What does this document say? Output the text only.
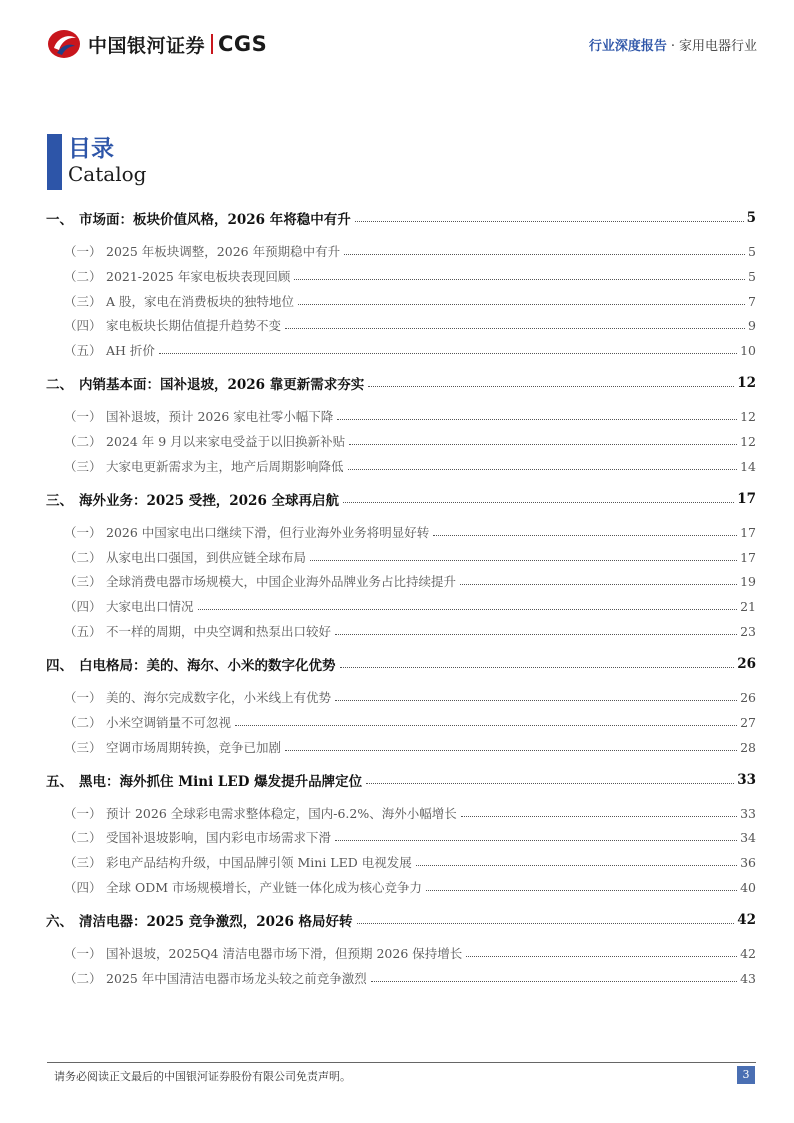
中国银河证券 CGS	行业深度报告 · 家用电器行业
目录
Catalog
一、 市场面：板块价值风格，2026 年将稳中有升	5
（一） 2025 年板块调整，2026 年预期稳中有升	5
（二） 2021-2025 年家电板块表现回顾	5
（三） A 股，家电在消费板块的独特地位	7
（四） 家电板块长期估值提升趋势不变	9
（五） AH 折价	10
二、 内销基本面：国补退坡，2026 靠更新需求夯实	12
（一） 国补退坡，预计 2026 家电社零小幅下降	12
（二） 2024 年 9 月以来家电受益于以旧换新补贴	12
（三） 大家电更新需求为主，地产后周期影响降低	14
三、 海外业务：2025 受挫，2026 全球再启航	17
（一） 2026 中国家电出口继续下滑，但行业海外业务将明显好转	17
（二） 从家电出口强国，到供应链全球布局	17
（三） 全球消费电器市场规模大，中国企业海外品牌业务占比持续提升	19
（四） 大家电出口情况	21
（五） 不一样的周期，中央空调和热泵出口较好	23
四、 白电格局：美的、海尔、小米的数字化优势	26
（一） 美的、海尔完成数字化，小米线上有优势	26
（二） 小米空调销量不可忽视	27
（三） 空调市场周期转换，竞争已加剧	28
五、 黑电：海外抓住 Mini LED 爆发提升品牌定位	33
（一） 预计 2026 全球彩电需求整体稳定，国内-6.2%、海外小幅增长	33
（二） 受国补退坡影响，国内彩电市场需求下滑	34
（三） 彩电产品结构升级，中国品牌引领 Mini LED 电视发展	36
（四） 全球 ODM 市场规模增长，产业链一体化成为核心竞争力	40
六、 清洁电器：2025 竞争激烈，2026 格局好转	42
（一） 国补退坡，2025Q4 清洁电器市场下滑，但预期 2026 保持增长	42
（二） 2025 年中国清洁电器市场龙头较之前竞争激烈	43
请务必阅读正文最后的中国银河证券股份有限公司免责声明。	3
